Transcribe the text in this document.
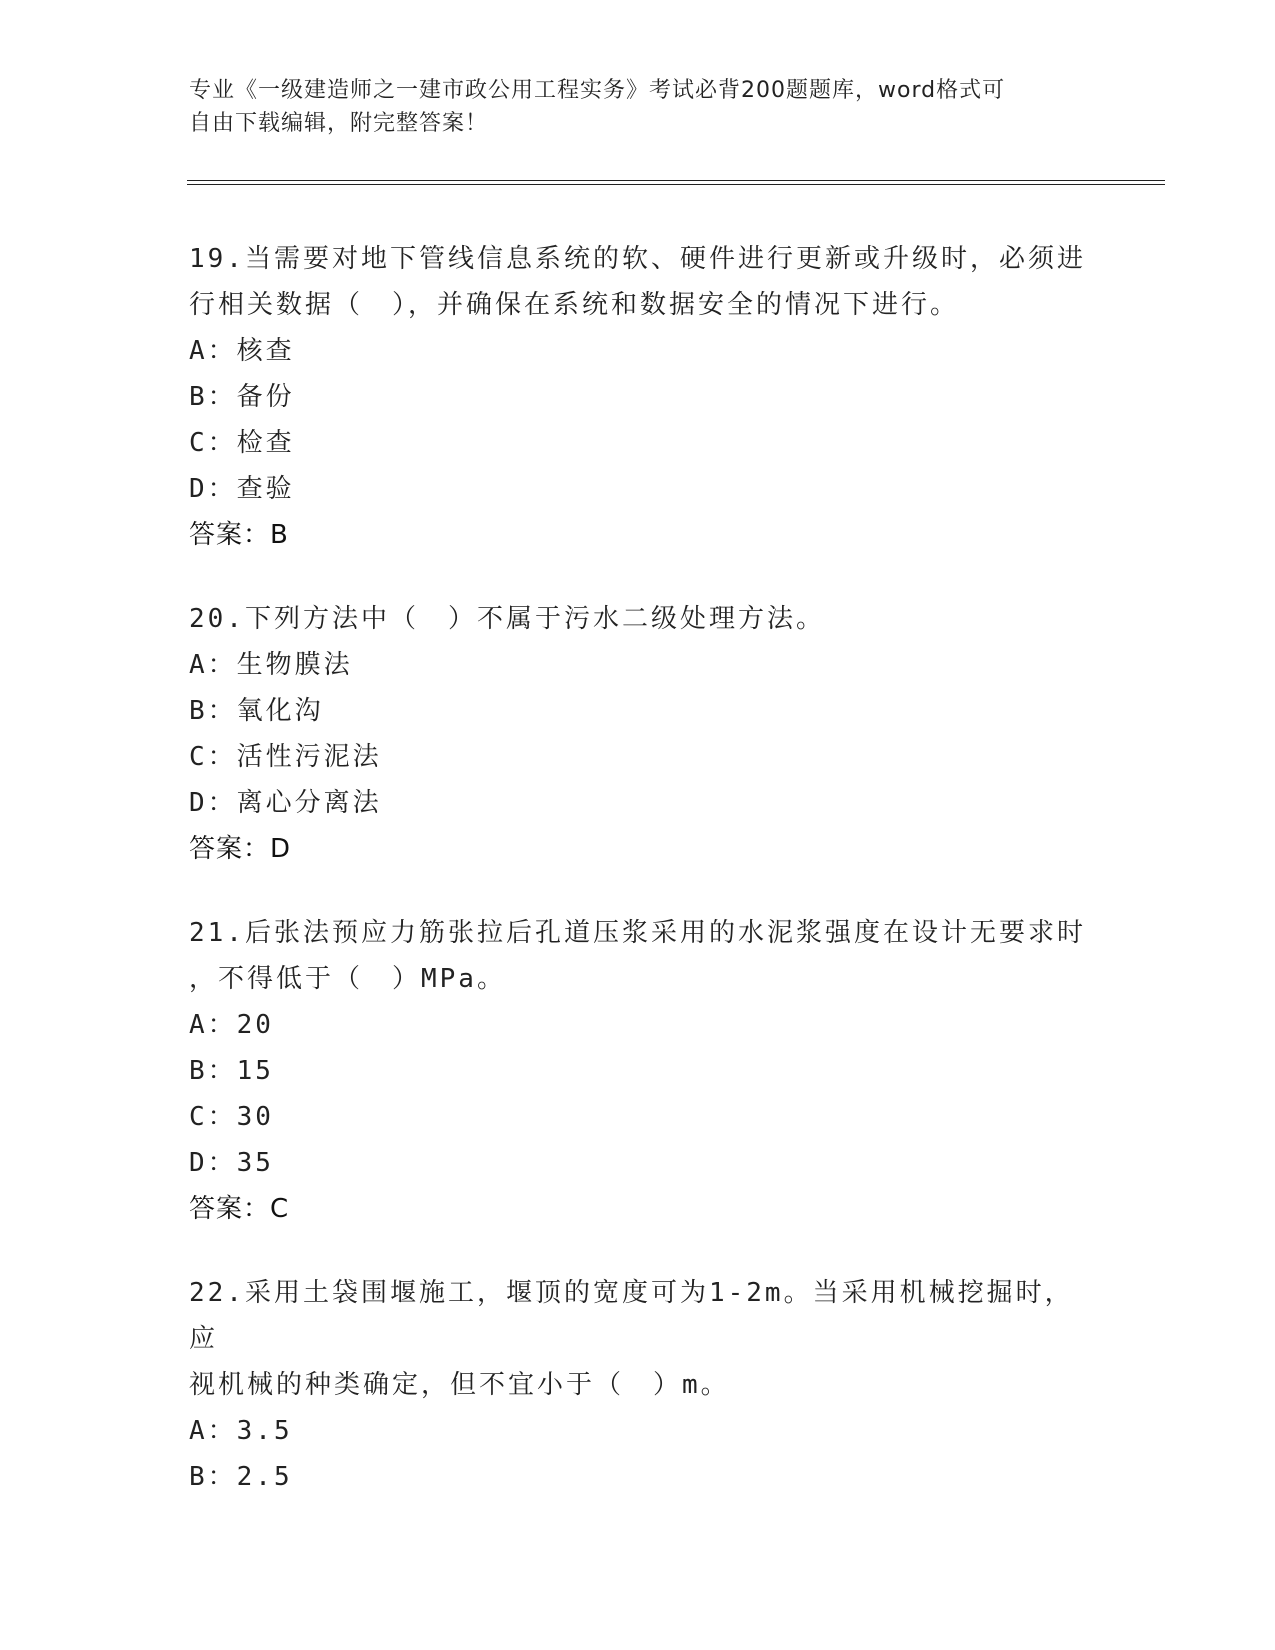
专业《一级建造师之一建市政公用工程实务》考试必背200题题库，word格式可
自由下载编辑，附完整答案！
19.当需要对地下管线信息系统的软、硬件进行更新或升级时，必须进
行相关数据（　），并确保在系统和数据安全的情况下进行。
A：核查
B：备份
C：检查
D：查验
答案：B
20.下列方法中（　）不属于污水二级处理方法。
A：生物膜法
B：氧化沟
C：活性污泥法
D：离心分离法
答案：D
21.后张法预应力筋张拉后孔道压浆采用的水泥浆强度在设计无要求时
，不得低于（　）MPa。
A：20
B：15
C：30
D：35
答案：C
22.采用土袋围堰施工，堰顶的宽度可为1-2m。当采用机械挖掘时，应
视机械的种类确定，但不宜小于（　）m。
A：3.5
B：2.5
